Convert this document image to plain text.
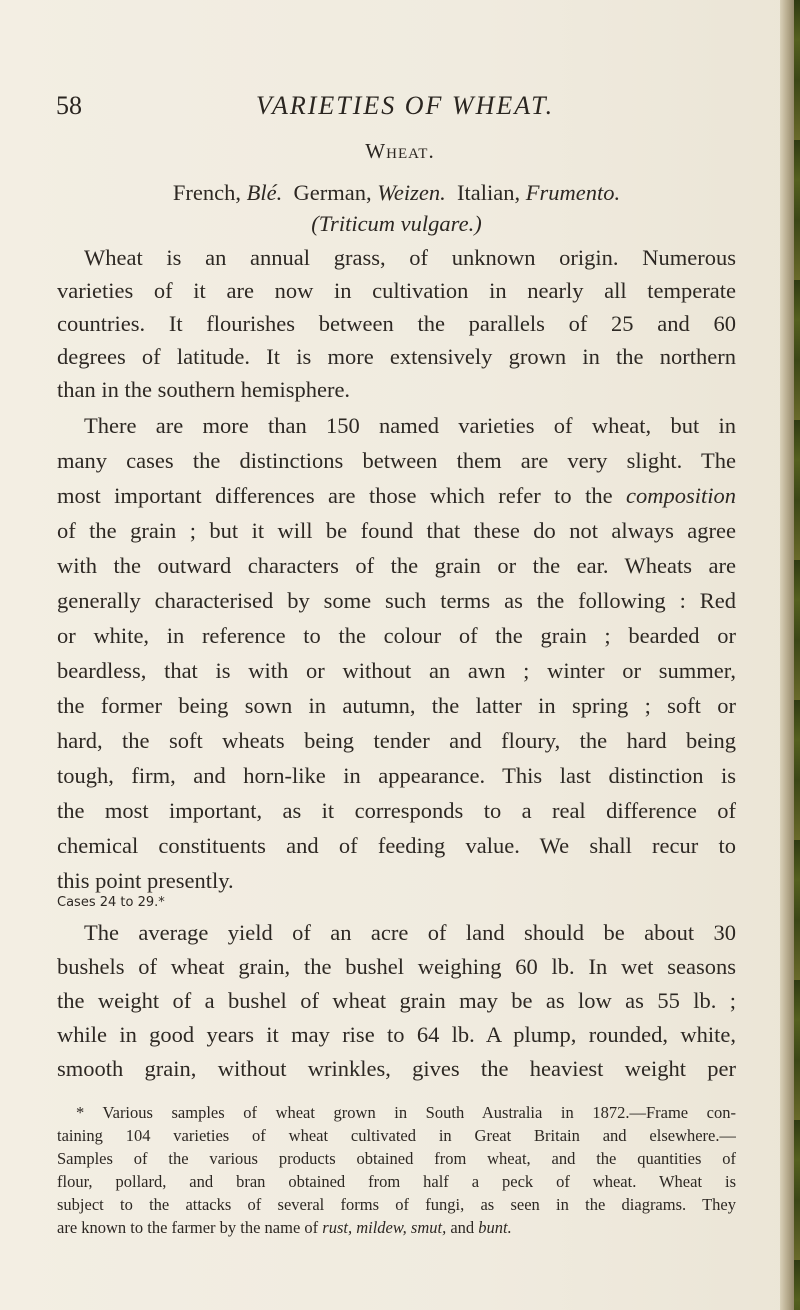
58	VARIETIES OF WHEAT.
Wheat.
French, Blé. German, Weizen. Italian, Frumento.
(Triticum vulgare.)
Wheat is an annual grass, of unknown origin. Numerous
varieties of it are now in cultivation in nearly all temperate
countries. It flourishes between the parallels of 25 and 60
degrees of latitude. It is more extensively grown in the northern
than in the southern hemisphere.
There are more than 150 named varieties of wheat, but in
many cases the distinctions between them are very slight. The
most important differences are those which refer to the composition
of the grain ; but it will be found that these do not always agree
with the outward characters of the grain or the ear. Wheats are
generally characterised by some such terms as the following : Red
or white, in reference to the colour of the grain ; bearded or
beardless, that is with or without an awn ; winter or summer,
the former being sown in autumn, the latter in spring ; soft or
hard, the soft wheats being tender and floury, the hard being
tough, firm, and horn-like in appearance. This last distinction is
the most important, as it corresponds to a real difference of
chemical constituents and of feeding value. We shall recur to
this point presently.
Cases 24 to 29.*
The average yield of an acre of land should be about 30
bushels of wheat grain, the bushel weighing 60 lb. In wet seasons
the weight of a bushel of wheat grain may be as low as 55 lb. ;
while in good years it may rise to 64 lb. A plump, rounded, white,
smooth grain, without wrinkles, gives the heaviest weight per
* Various samples of wheat grown in South Australia in 1872.—Frame con-
taining 104 varieties of wheat cultivated in Great Britain and elsewhere.—
Samples of the various products obtained from wheat, and the quantities of
flour, pollard, and bran obtained from half a peck of wheat. Wheat is
subject to the attacks of several forms of fungi, as seen in the diagrams. They
are known to the farmer by the name of rust, mildew, smut, and bunt.
